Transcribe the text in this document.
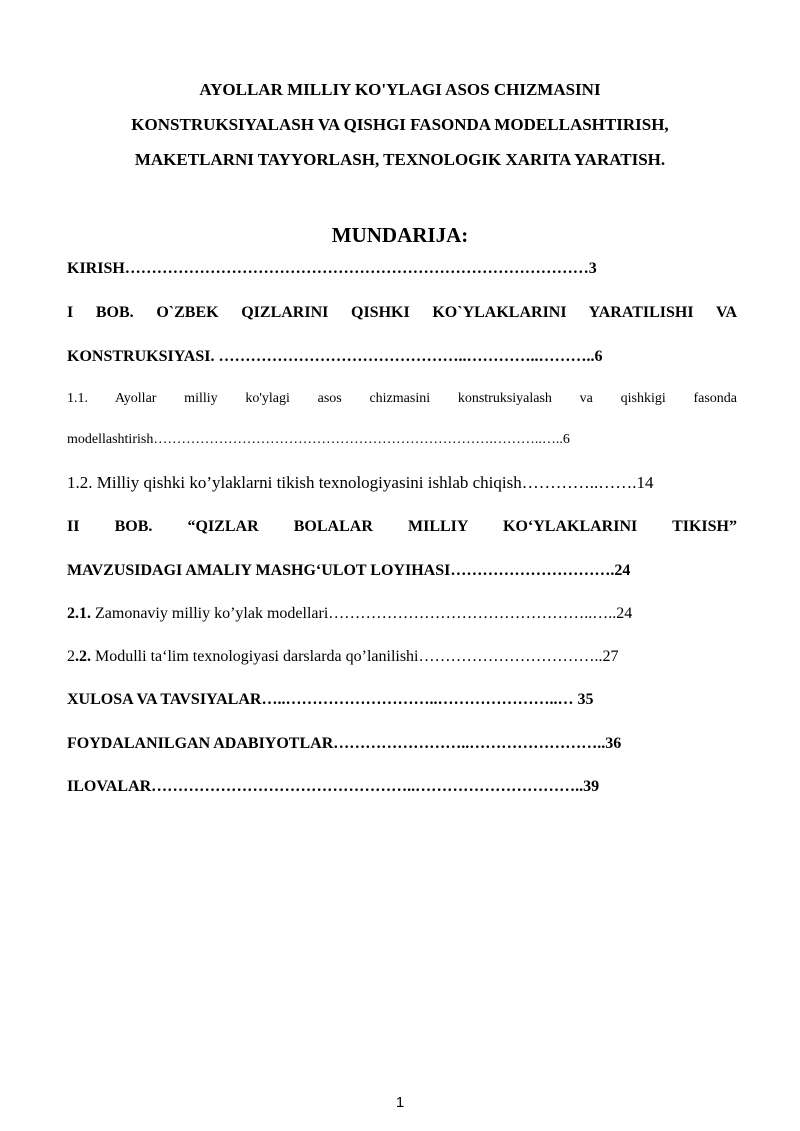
AYOLLAR MILLIY KO'YLAGI ASOS CHIZMASINI
KONSTRUKSIYALASH VA QISHGI FASONDA MODELLASHTIRISH,
MAKETLARNI TAYYORLASH, TEXNOLOGIK XARITA YARATISH.
MUNDARIJA:
KIRISH……………………………………………………………………………3
I BOB. O`ZBEK QIZLARINI QISHKI KO`YLAKLARINI YARATILISHI VA
KONSTRUKSIYASI. ………………………………………..…………..………..6
1.1. Ayollar milliy ko'ylagi asos chizmasini konstruksiyalash va qishkigi fasonda
modellashtirish……………………………………………………………….………..…..6
1.2. Milliy qishki ko’ylaklarni tikish texnologiyasini ishlab chiqish…………..…….14
II BOB. “QIZLAR BOLALAR MILLIY KO‘YLAKLARINI TIKISH”
MAVZUSIDAGI AMALIY MASHG‘ULOT LOYIHASI………………………….24
2.1. Zamonaviy milliy ko’ylak modellari…………………………………………..…..24
2.2. Modulli ta‘lim texnologiyasi darslarda qo’lanilishi……………………………..27
XULOSA VA TAVSIYALAR…..………………………..…………………..… 35
FOYDALANILGAN ADABIYOTLAR……………………..……………………..36
ILOVALAR…………………………………………..…………………………..39
1
